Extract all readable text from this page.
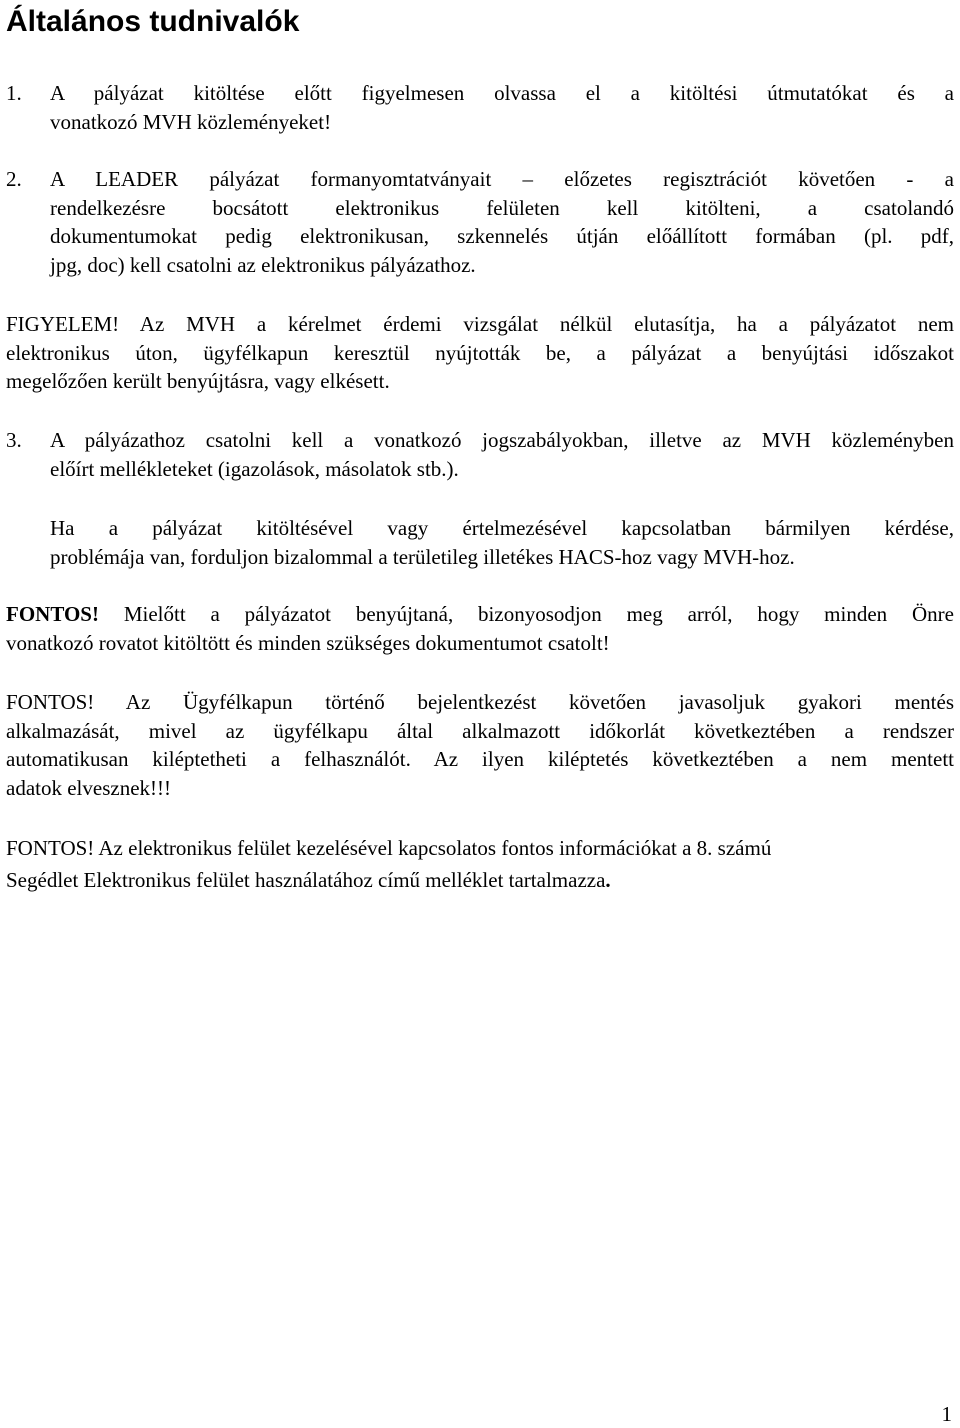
Általános tudnivalók
1. A pályázat kitöltése előtt figyelmesen olvassa el a kitöltési útmutatókat és a
vonatkozó MVH közleményeket!
2. A LEADER pályázat formanyomtatványait – előzetes regisztrációt követően - a
rendelkezésre bocsátott elektronikus felületen kell kitölteni, a csatolandó
dokumentumokat pedig elektronikusan, szkennelés útján előállított formában (pl. pdf,
jpg, doc) kell csatolni az elektronikus pályázathoz.
FIGYELEM! Az MVH a kérelmet érdemi vizsgálat nélkül elutasítja, ha a pályázatot nem
elektronikus úton, ügyfélkapun keresztül nyújtották be, a pályázat a benyújtási időszakot
megelőzően került benyújtásra, vagy elkésett.
3. A pályázathoz csatolni kell a vonatkozó jogszabályokban, illetve az MVH közleményben
előírt mellékleteket (igazolások, másolatok stb.).
Ha a pályázat kitöltésével vagy értelmezésével kapcsolatban bármilyen kérdése,
problémája van, forduljon bizalommal a területileg illetékes HACS-hoz vagy MVH-hoz.
FONTOS! Mielőtt a pályázatot benyújtaná, bizonyosodjon meg arról, hogy minden Önre
vonatkozó rovatot kitöltött és minden szükséges dokumentumot csatolt!
FONTOS! Az Ügyfélkapun történő bejelentkezést követően javasoljuk gyakori mentés
alkalmazását, mivel az ügyfélkapu által alkalmazott időkorlát következtében a rendszer
automatikusan kiléptetheti a felhasználót. Az ilyen kiléptetés következtében a nem mentett
adatok elvesznek!!!
FONTOS! Az elektronikus felület kezelésével kapcsolatos fontos információkat a 8. számú
Segédlet Elektronikus felület használatához című melléklet tartalmazza.
1
